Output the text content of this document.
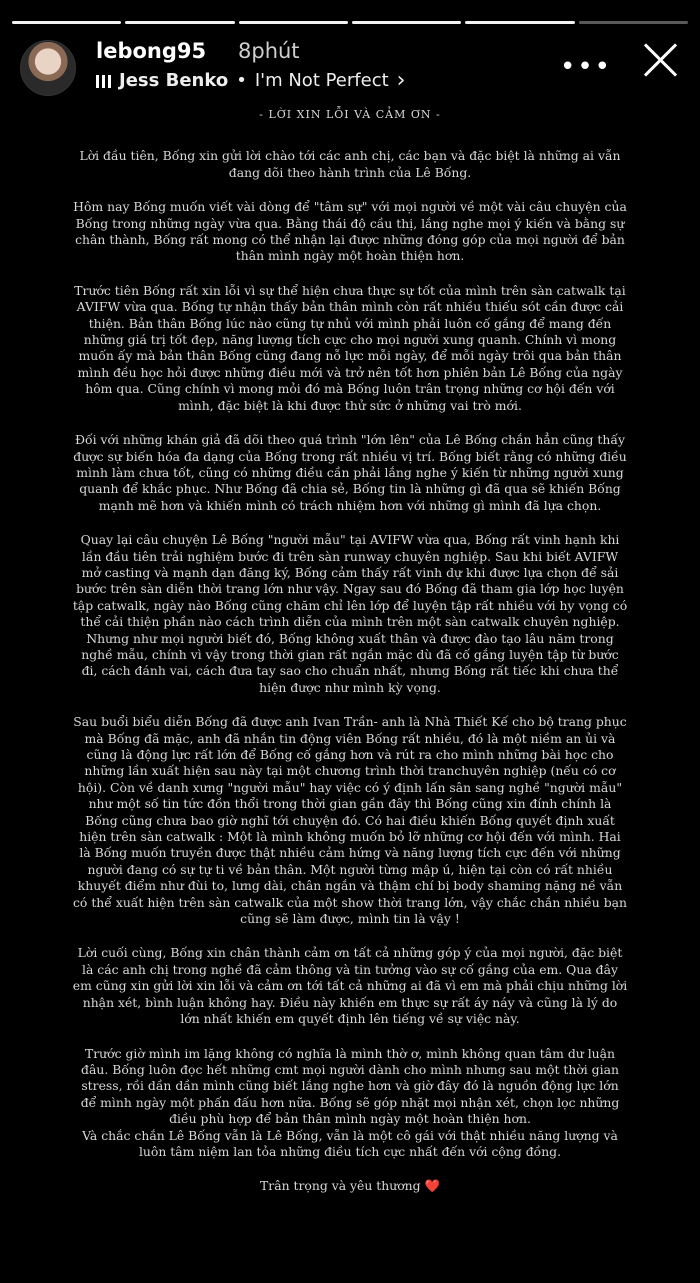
lebong95 8phút
Jess Benko • I'm Not Perfect ›	•••
- LỜI XIN LỖI VÀ CẢM ƠN -

Lời đầu tiên, Bống xin gửi lời chào tới các anh chị, các bạn và đặc biệt là những ai vẫn đang dõi theo hành trình của Lê Bống.

Hôm nay Bống muốn viết vài dòng để "tâm sự" với mọi người về một vài câu chuyện của Bống trong những ngày vừa qua. Bằng thái độ cầu thị, lắng nghe mọi ý kiến và bằng sự chân thành, Bống rất mong có thể nhận lại được những đóng góp của mọi người để bản thân mình ngày một hoàn thiện hơn.

Trước tiên Bống rất xin lỗi vì sự thể hiện chưa thực sự tốt của mình trên sàn catwalk tại AVIFW vừa qua. Bống tự nhận thấy bản thân mình còn rất nhiều thiếu sót cần được cải thiện. Bản thân Bống lúc nào cũng tự nhủ với mình phải luôn cố gắng để mang đến những giá trị tốt đẹp, năng lượng tích cực cho mọi người xung quanh. Chính vì mong muốn ấy mà bản thân Bống cũng đang nỗ lực mỗi ngày, để mỗi ngày trôi qua bản thân mình đều học hỏi được những điều mới và trở nên tốt hơn phiên bản Lê Bống của ngày hôm qua. Cũng chính vì mong mỏi đó mà Bống luôn trân trọng những cơ hội đến với mình, đặc biệt là khi được thử sức ở những vai trò mới.

Đối với những khán giả đã dõi theo quá trình "lớn lên" của Lê Bống chắn hẳn cũng thấy được sự biến hóa đa dạng của Bống trong rất nhiều vị trí. Bống biết rằng có những điều mình làm chưa tốt, cũng có những điều cần phải lắng nghe ý kiến từ những người xung quanh để khắc phục. Như Bống đã chia sẻ, Bống tin là những gì đã qua sẽ khiến Bống mạnh mẽ hơn và khiến mình có trách nhiệm hơn với những gì mình đã lựa chọn.

Quay lại câu chuyện Lê Bống "người mẫu" tại AVIFW vừa qua, Bống rất vinh hạnh khi lần đầu tiên trải nghiệm bước đi trên sàn runway chuyên nghiệp. Sau khi biết AVIFW mở casting và mạnh dạn đăng ký, Bống cảm thấy rất vinh dự khi được lựa chọn để sải bước trên sàn diễn thời trang lớn như vậy. Ngay sau đó Bống đã tham gia lớp học luyện tập catwalk, ngày nào Bống cũng chăm chỉ lên lớp để luyện tập rất nhiều với hy vọng có thể cải thiện phần nào cách trình diễn của mình trên một sàn catwalk chuyên nghiệp. Nhưng như mọi người biết đó, Bống không xuất thân và được đào tạo lâu năm trong nghề mẫu, chính vì vậy trong thời gian rất ngắn mặc dù đã cố gắng luyện tập từ bước đi, cách đánh vai, cách đưa tay sao cho chuẩn nhất, nhưng Bống rất tiếc khi chưa thể hiện được như mình kỳ vọng.

Sau buổi biểu diễn Bống đã được anh Ivan Trần- anh là Nhà Thiết Kế cho bộ trang phục mà Bống đã mặc, anh đã nhắn tin động viên Bống rất nhiều, đó là một niềm an ủi và cũng là động lực rất lớn để Bống cố gắng hơn và rút ra cho mình những bài học cho những lần xuất hiện sau này tại một chương trình thời tranchuyên nghiệp (nếu có cơ hội). Còn về danh xưng "người mẫu" hay việc có ý định lấn sân sang nghề "người mẫu" như một số tin tức đồn thổi trong thời gian gần đây thì Bống cũng xin đính chính là Bống cũng chưa bao giờ nghĩ tới chuyện đó. Có hai điều khiến Bống quyết định xuất hiện trên sàn catwalk : Một là mình không muốn bỏ lỡ những cơ hội đến với mình. Hai là Bống muốn truyền được thật nhiều cảm hứng và năng lượng tích cực đến với những người đang có sự tự ti về bản thân. Một người từng mập ú, hiện tại còn có rất nhiều khuyết điểm như đùi to, lưng dài, chân ngắn và thậm chí bị body shaming nặng nề vẫn có thể xuất hiện trên sàn catwalk của một show thời trang lớn, vậy chắc chắn nhiều bạn cũng sẽ làm được, mình tin là vậy !

Lời cuối cùng, Bống xin chân thành cảm ơn tất cả những góp ý của mọi người, đặc biệt là các anh chị trong nghề đã cảm thông và tin tưởng vào sự cố gắng của em. Qua đây em cũng xin gửi lời xin lỗi và cảm ơn tới tất cả những ai đã vì em mà phải chịu những lời nhận xét, bình luận không hay. Điều này khiến em thực sự rất áy náy và cũng là lý do lớn nhất khiến em quyết định lên tiếng về sự việc này.

Trước giờ mình im lặng không có nghĩa là mình thờ ơ, mình không quan tâm dư luận đâu. Bống luôn đọc hết những cmt mọi người dành cho mình nhưng sau một thời gian stress, rồi dần dần mình cũng biết lắng nghe hơn và giờ đây đó là nguồn động lực lớn để mình ngày một phấn đấu hơn nữa. Bống sẽ góp nhặt mọi nhận xét, chọn lọc những điều phù hợp để bản thân mình ngày một hoàn thiện hơn.
Và chắc chắn Lê Bống vẫn là Lê Bống, vẫn là một cô gái với thật nhiều năng lượng và luôn tâm niệm lan tỏa những điều tích cực nhất đến với cộng đồng.

Trân trọng và yêu thương ❤️
